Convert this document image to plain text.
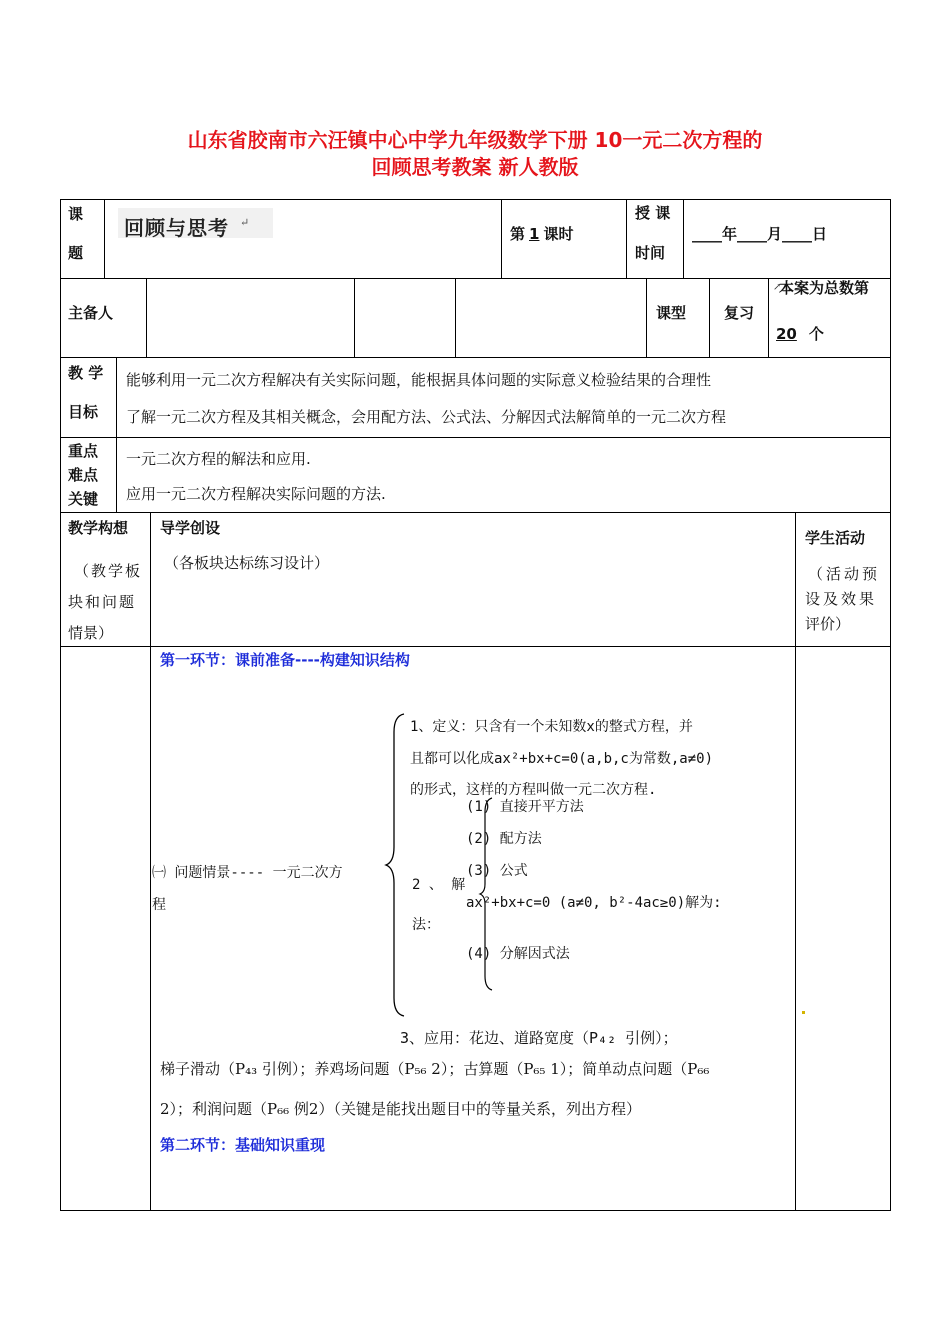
山东省胶南市六汪镇中心中学九年级数学下册 10一元二次方程的
回顾思考教案 新人教版
课
题
回顾与思考 ↵
第 1 课时
授 课
时间
____年____月____日
主备人	课型	复习
↗
本案为总数第
20 个
教 学
目标
能够利用一元二次方程解决有关实际问题，能根据具体问题的实际意义检验结果的合理性
了解一元二次方程及其相关概念，会用配方法、公式法、分解因式法解简单的一元二次方程
重点
难点
关键
一元二次方程的解法和应用.
应用一元二次方程解决实际问题的方法.
教学构想
（教学板
块和问题
情景）
导学创设
（各板块达标练习设计）
学生活动
（活动预
设及效果
评价）
第一环节：课前准备----构建知识结构
1、定义：只含有一个未知数x的整式方程，并
且都可以化成ax²+bx+c=0(a,b,c为常数,a≠0)
的形式，这样的方程叫做一元二次方程.
(1) 直接开平方法
(2) 配方法
(3) 公式
ax²+bx+c=0 (a≠0, b²-4ac≥0)解为:
(4) 分解因式法
2 、 解
法：
㈠ 问题情景---- 一元二次方
程
3、应用：花边、道路宽度（P₄₂ 引例）；
梯子滑动（P₄₃ 引例）；养鸡场问题（P₅₆ 2）；古算题（P₆₅ 1）；简单动点问题（P₆₆
2）；利润问题（P₆₆ 例2）（关键是能找出题目中的等量关系，列出方程）
第二环节：基础知识重现
